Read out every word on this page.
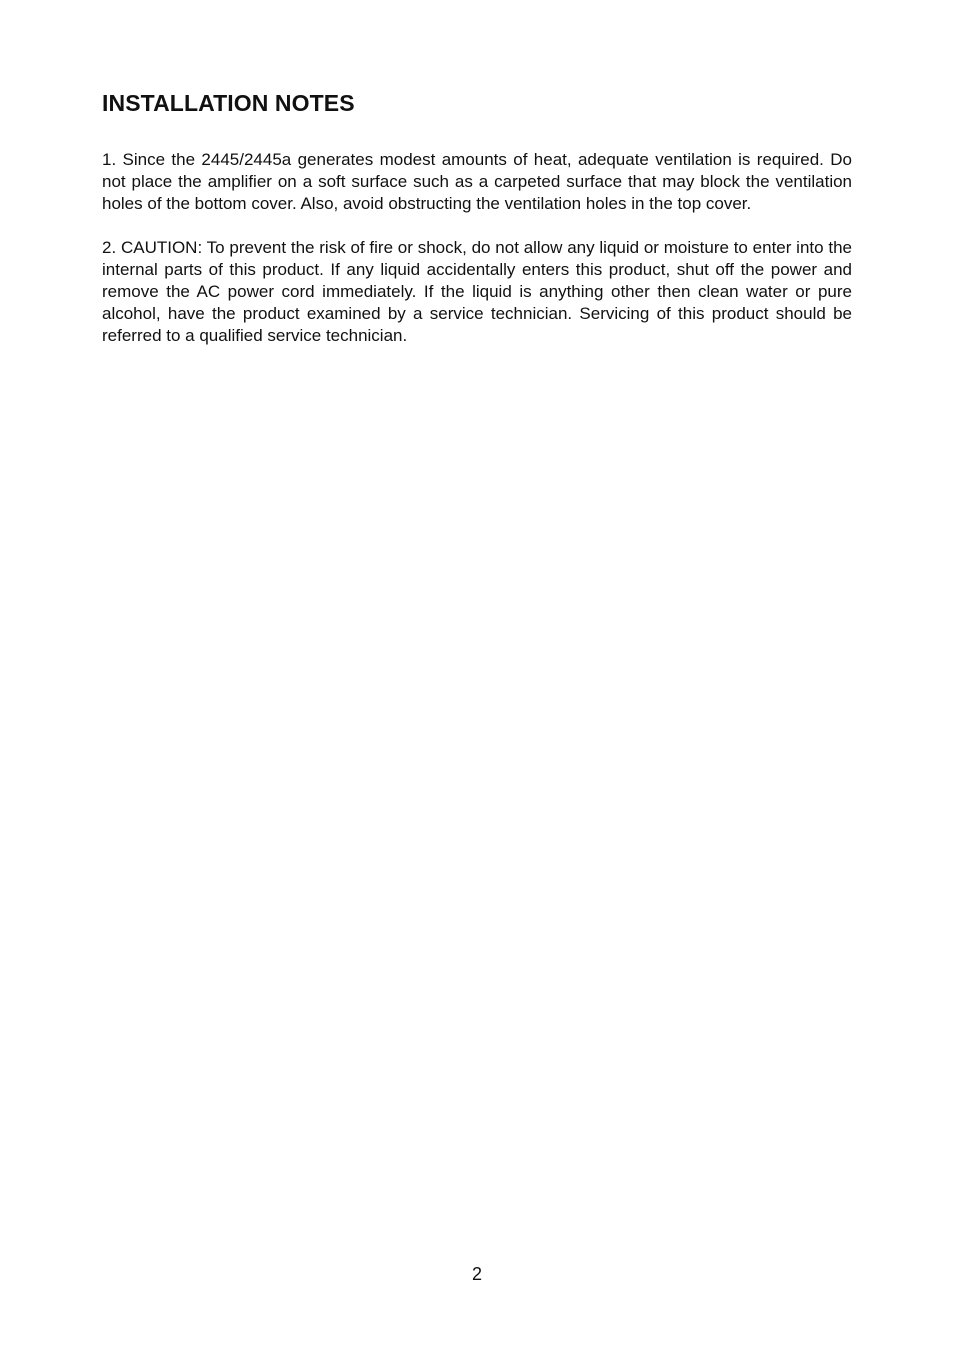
INSTALLATION NOTES

1. Since the 2445/2445a generates modest amounts of heat, adequate ventilation is required. Do not place the amplifier on a soft surface such as a carpeted surface that may block the ventilation holes of the bottom cover. Also, avoid obstructing the ventilation holes in the top cover.

2. CAUTION: To prevent the risk of fire or shock, do not allow any liquid or moisture to enter into the internal parts of this product. If any liquid accidentally enters this product, shut off the power and remove the AC power cord immediately. If the liquid is anything other then clean water or pure alcohol, have the product examined by a service technician. Servicing of this product should be referred to a qualified service technician.

2
